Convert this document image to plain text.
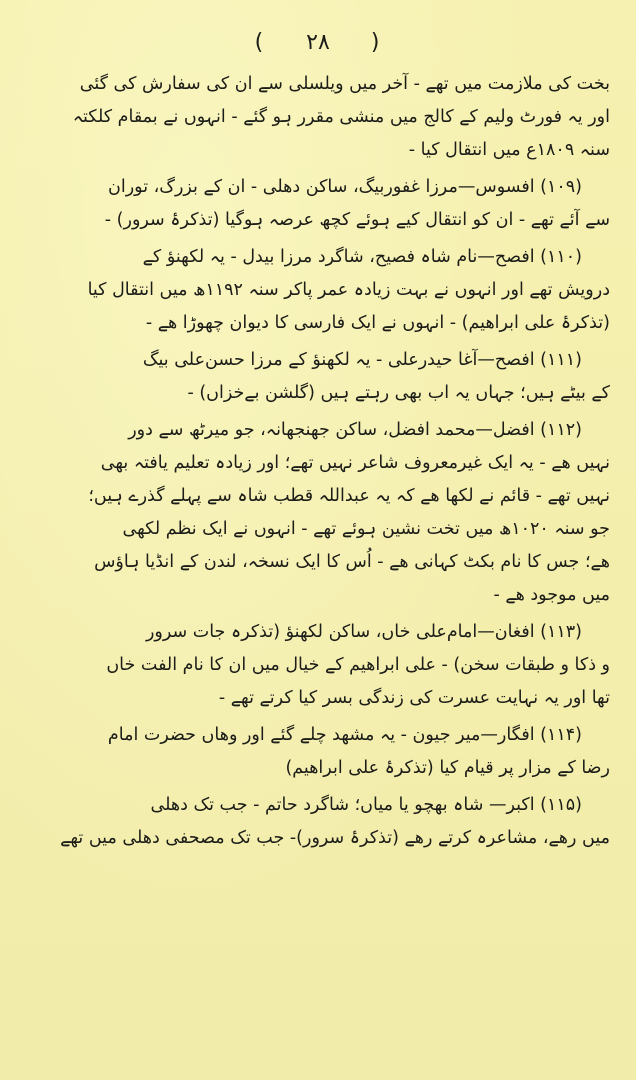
( ۲۸ )
بخت کی ملازمت میں تھے - آخر میں ویلسلی سے ان کی سفارش کی گئی
اور یہ فورٹ ولیم کے کالج میں منشی مقرر ہو گئے - انہوں نے بمقام کلکتہ
سنہ ۱۸۰۹ع میں انتقال کیا -
(۱۰۹) افسوس—مرزا غفوربیگ، ساکن دھلی - ان کے بزرگ، توران
سے آئے تھے - ان کو انتقال کیے ہوئے کچھ عرصہ ہوگیا (تذکرۂ سرور) -
(۱۱۰) افصح—نام شاہ فصیح، شاگرد مرزا بیدل - یہ لکھنؤ کے
درویش تھے اور انہوں نے بہت زیادہ عمر پاکر سنہ ۱۱۹۲ھ میں انتقال کیا
(تذکرۂ علی ابراھیم) - انہوں نے ایک فارسی کا دیوان چھوڑا ھے -
(۱۱۱) افصح—آغا حیدرعلی - یہ لکھنؤ کے مرزا حسن‌علی بیگ
کے بیٹے ہیں؛ جہاں یہ اب بھی رہتے ہیں (گلشن بےخزاں) -
(۱۱۲) افضل—محمد افضل، ساکن جھنجھانہ، جو میرٹھ سے دور
نہیں ھے - یہ ایک غیرمعروف شاعر نہیں تھے؛ اور زیادہ تعلیم یافتہ بھی
نہیں تھے - قائم نے لکھا ھے کہ یہ عبداللہ قطب شاہ سے پہلے گذرے ہیں؛
جو سنہ ۱۰۲۰ھ میں تخت نشین ہوئے تھے - انہوں نے ایک نظم لکھی
ھے؛ جس کا نام بکٹ کہانی ھے - اُس کا ایک نسخہ، لندن کے انڈیا ہاؤس
میں موجود ھے -
(۱۱۳) افغان—امام‌علی خاں، ساکن لکھنؤ (تذکرہ جات سرور
و ذکا و طبقات سخن) - علی ابراھیم کے خیال میں ان کا نام الفت خاں
تھا اور یہ نہایت عسرت کی زندگی بسر کیا کرتے تھے -
(۱۱۴) افگار—میر جیون - یہ مشھد چلے گئے اور وھاں حضرت امام
رضا کے مزار پر قیام کیا (تذکرۂ علی ابراھیم)
(۱۱۵) اکبر— شاہ بھچو یا میاں؛ شاگرد حاتم - جب تک دھلی
میں رھے، مشاعرہ کرتے رھے (تذکرۂ سرور)- جب تک مصحفی دھلی میں تھے
